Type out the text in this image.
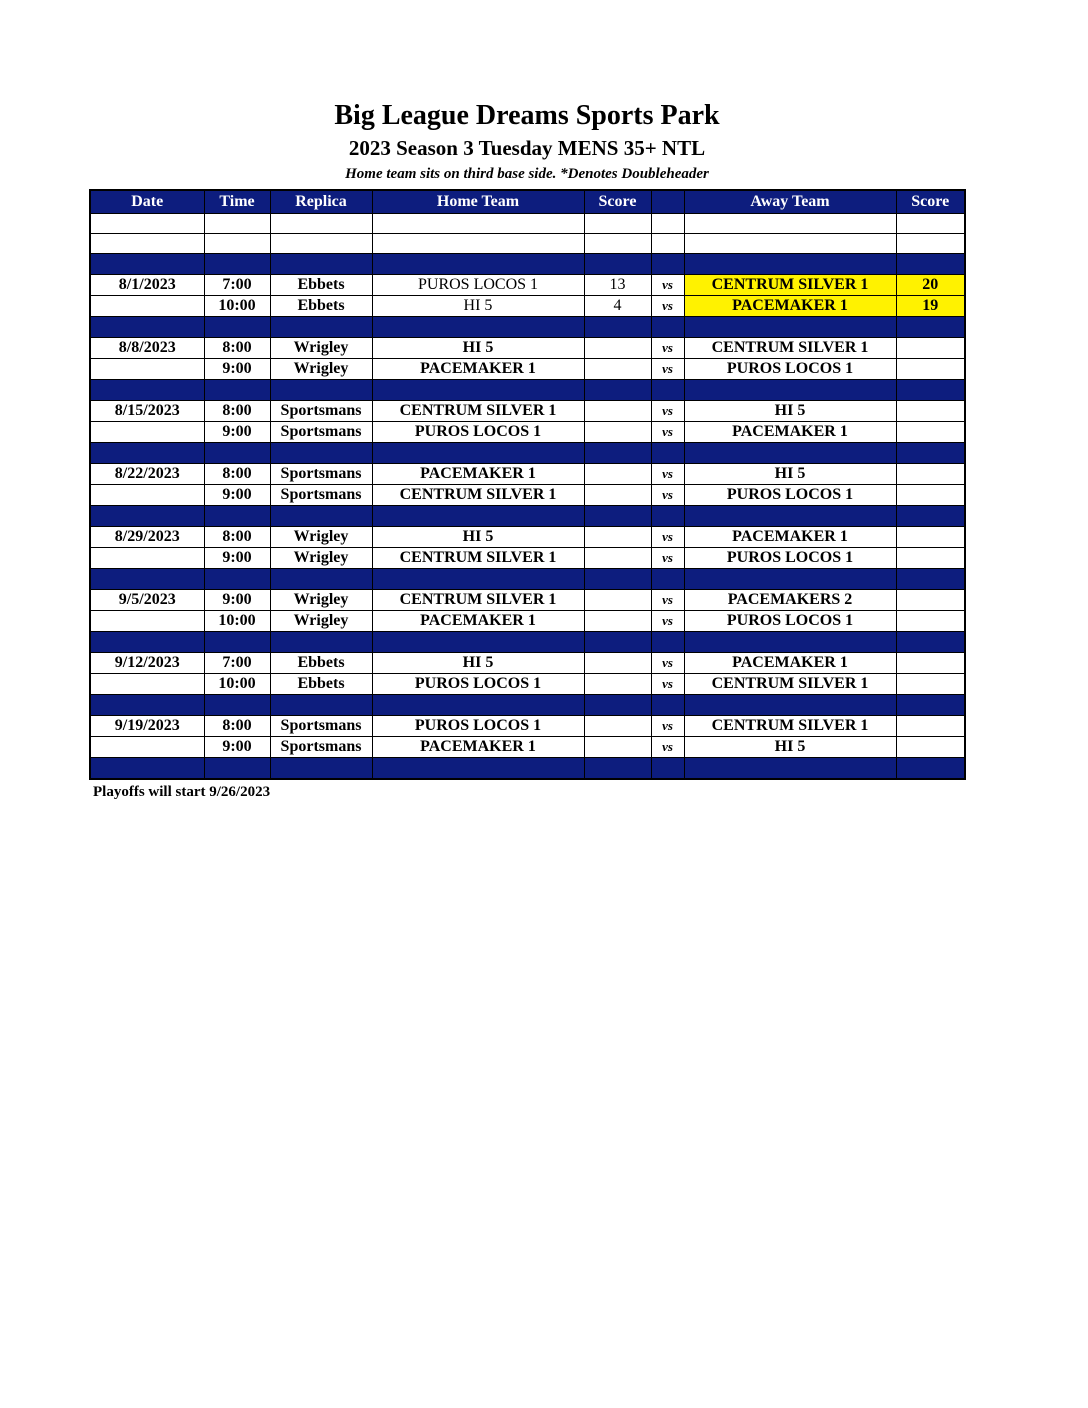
Big League Dreams Sports Park
2023 Season 3 Tuesday MENS 35+ NTL
Home team sits on third base side. *Denotes Doubleheader
Date	Time	Replica	Home Team	Score		Away Team	Score

8/1/2023	7:00	Ebbets	PUROS LOCOS 1	13	vs	CENTRUM SILVER 1	20
	10:00	Ebbets	HI 5	4	vs	PACEMAKER 1	19

8/8/2023	8:00	Wrigley	HI 5		vs	CENTRUM SILVER 1	
	9:00	Wrigley	PACEMAKER 1		vs	PUROS LOCOS 1	

8/15/2023	8:00	Sportsmans	CENTRUM SILVER 1		vs	HI 5	
	9:00	Sportsmans	PUROS LOCOS 1		vs	PACEMAKER 1	

8/22/2023	8:00	Sportsmans	PACEMAKER 1		vs	HI 5	
	9:00	Sportsmans	CENTRUM SILVER 1		vs	PUROS LOCOS 1	

8/29/2023	8:00	Wrigley	HI 5		vs	PACEMAKER 1	
	9:00	Wrigley	CENTRUM SILVER 1		vs	PUROS LOCOS 1	

9/5/2023	9:00	Wrigley	CENTRUM SILVER 1		vs	PACEMAKERS 2	
	10:00	Wrigley	PACEMAKER 1		vs	PUROS LOCOS 1	

9/12/2023	7:00	Ebbets	HI 5		vs	PACEMAKER 1	
	10:00	Ebbets	PUROS LOCOS 1		vs	CENTRUM SILVER 1	

9/19/2023	8:00	Sportsmans	PUROS LOCOS 1		vs	CENTRUM SILVER 1	
	9:00	Sportsmans	PACEMAKER 1		vs	HI 5	

Playoffs will start 9/26/2023
